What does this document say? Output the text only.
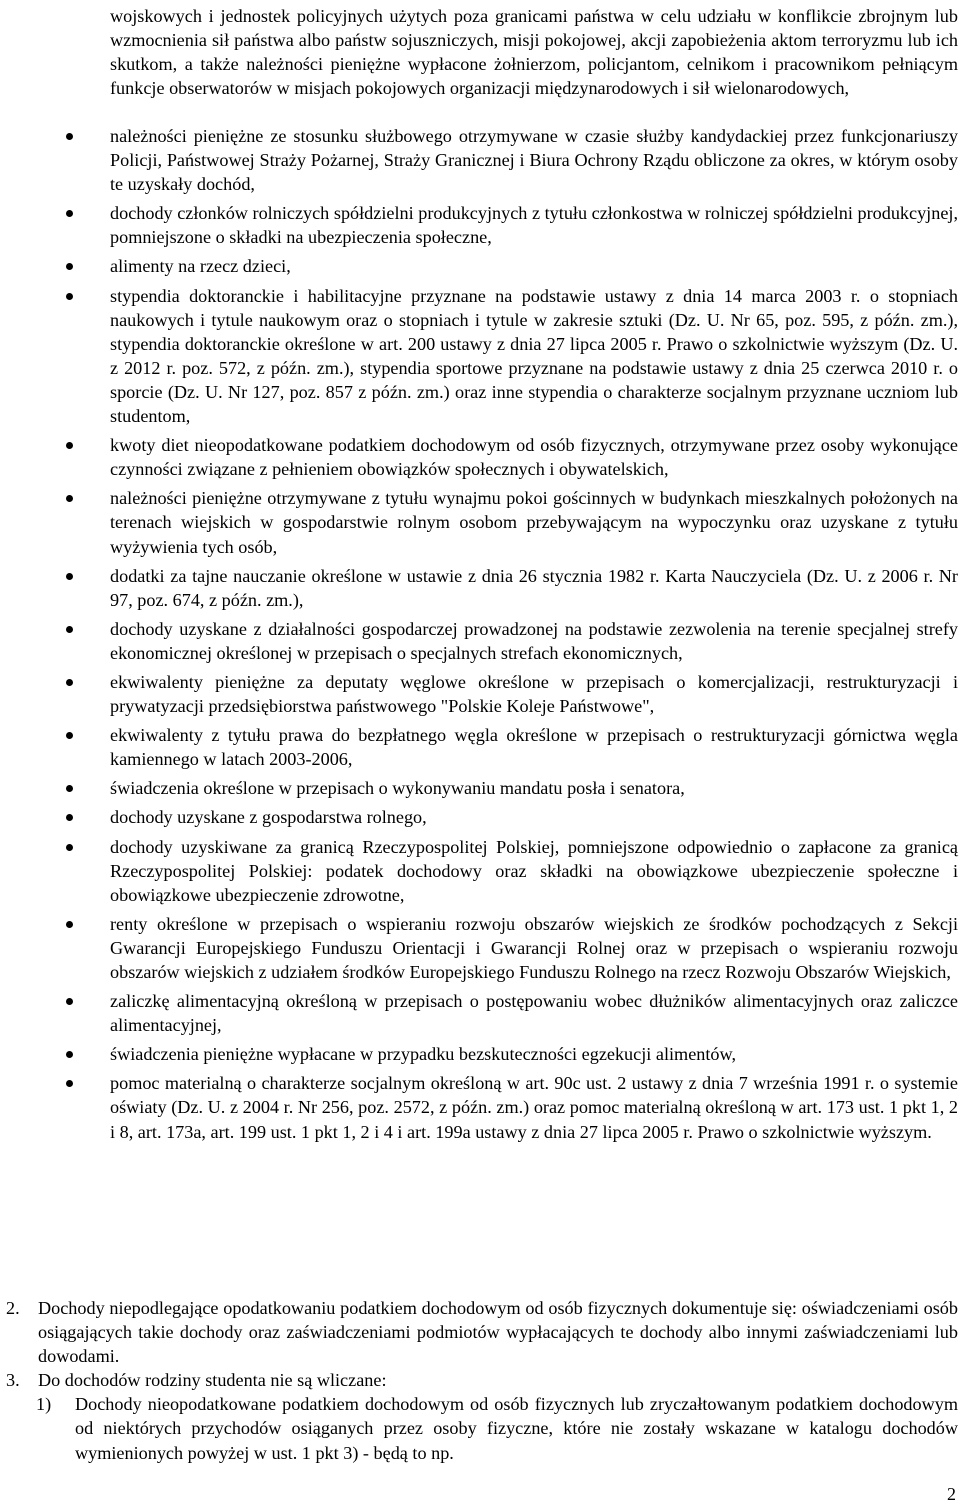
wojskowych i jednostek policyjnych użytych poza granicami państwa w celu udziału w konflikcie zbrojnym lub wzmocnienia sił państwa albo państw sojuszniczych, misji pokojowej, akcji zapobieżenia aktom terroryzmu lub ich skutkom, a także należności pieniężne wypłacone żołnierzom, policjantom, celnikom i pracownikom pełniącym funkcje obserwatorów w misjach pokojowych organizacji międzynarodowych i sił wielonarodowych,
należności pieniężne ze stosunku służbowego otrzymywane w czasie służby kandydackiej przez funkcjonariuszy Policji, Państwowej Straży Pożarnej, Straży Granicznej i Biura Ochrony Rządu obliczone za okres, w którym osoby te uzyskały dochód,
dochody członków rolniczych spółdzielni produkcyjnych z tytułu członkostwa w rolniczej spółdzielni produkcyjnej, pomniejszone o składki na ubezpieczenia społeczne,
alimenty na rzecz dzieci,
stypendia doktoranckie i habilitacyjne przyznane na podstawie ustawy z dnia 14 marca 2003 r. o stopniach naukowych i tytule naukowym oraz o stopniach i tytule w zakresie sztuki (Dz. U. Nr 65, poz. 595, z późn. zm.), stypendia doktoranckie określone w art. 200 ustawy z dnia 27 lipca 2005 r. Prawo o szkolnictwie wyższym (Dz. U. z 2012 r. poz. 572, z późn. zm.), stypendia sportowe przyznane na podstawie ustawy z dnia 25 czerwca 2010 r. o sporcie (Dz. U. Nr 127, poz. 857 z późn. zm.) oraz inne stypendia o charakterze socjalnym przyznane uczniom lub studentom,
kwoty diet nieopodatkowane podatkiem dochodowym od osób fizycznych, otrzymywane przez osoby wykonujące czynności związane z pełnieniem obowiązków społecznych i obywatelskich,
należności pieniężne otrzymywane z tytułu wynajmu pokoi gościnnych w budynkach mieszkalnych położonych na terenach wiejskich w gospodarstwie rolnym osobom przebywającym na wypoczynku oraz uzyskane z tytułu wyżywienia tych osób,
dodatki za tajne nauczanie określone w ustawie z dnia 26 stycznia 1982 r. Karta Nauczyciela (Dz. U. z 2006 r. Nr 97, poz. 674, z późn. zm.),
dochody uzyskane z działalności gospodarczej prowadzonej na podstawie zezwolenia na terenie specjalnej strefy ekonomicznej określonej w przepisach o specjalnych strefach ekonomicznych,
ekwiwalenty pieniężne za deputaty węglowe określone w przepisach o komercjalizacji, restrukturyzacji i prywatyzacji przedsiębiorstwa państwowego "Polskie Koleje Państwowe",
ekwiwalenty z tytułu prawa do bezpłatnego węgla określone w przepisach o restrukturyzacji górnictwa węgla kamiennego w latach 2003-2006,
świadczenia określone w przepisach o wykonywaniu mandatu posła i senatora,
dochody uzyskane z gospodarstwa rolnego,
dochody uzyskiwane za granicą Rzeczypospolitej Polskiej, pomniejszone odpowiednio o zapłacone za granicą Rzeczypospolitej Polskiej: podatek dochodowy oraz składki na obowiązkowe ubezpieczenie społeczne i obowiązkowe ubezpieczenie zdrowotne,
renty określone w przepisach o wspieraniu rozwoju obszarów wiejskich ze środków pochodzących z Sekcji Gwarancji Europejskiego Funduszu Orientacji i Gwarancji Rolnej oraz w przepisach o wspieraniu rozwoju obszarów wiejskich z udziałem środków Europejskiego Funduszu Rolnego na rzecz Rozwoju Obszarów Wiejskich,
zaliczkę alimentacyjną określoną w przepisach o postępowaniu wobec dłużników alimentacyjnych oraz zaliczce alimentacyjnej,
świadczenia pieniężne wypłacane w przypadku bezskuteczności egzekucji alimentów,
pomoc materialną o charakterze socjalnym określoną w art. 90c ust. 2 ustawy z dnia 7 września 1991 r. o systemie oświaty (Dz. U. z 2004 r. Nr 256, poz. 2572, z późn. zm.) oraz pomoc materialną określoną w art. 173 ust. 1 pkt 1, 2 i 8, art. 173a, art. 199 ust. 1 pkt 1, 2 i 4 i art. 199a ustawy z dnia 27 lipca 2005 r. Prawo o szkolnictwie wyższym.
2. Dochody niepodlegające opodatkowaniu podatkiem dochodowym od osób fizycznych dokumentuje się: oświadczeniami osób osiągających takie dochody oraz zaświadczeniami podmiotów wypłacających te dochody albo innymi zaświadczeniami lub dowodami.
3. Do dochodów rodziny studenta nie są wliczane:
1) Dochody nieopodatkowane podatkiem dochodowym od osób fizycznych lub zryczałtowanym podatkiem dochodowym od niektórych przychodów osiąganych przez osoby fizyczne, które nie zostały wskazane w katalogu dochodów wymienionych powyżej w ust. 1 pkt 3) - będą to np.
2
